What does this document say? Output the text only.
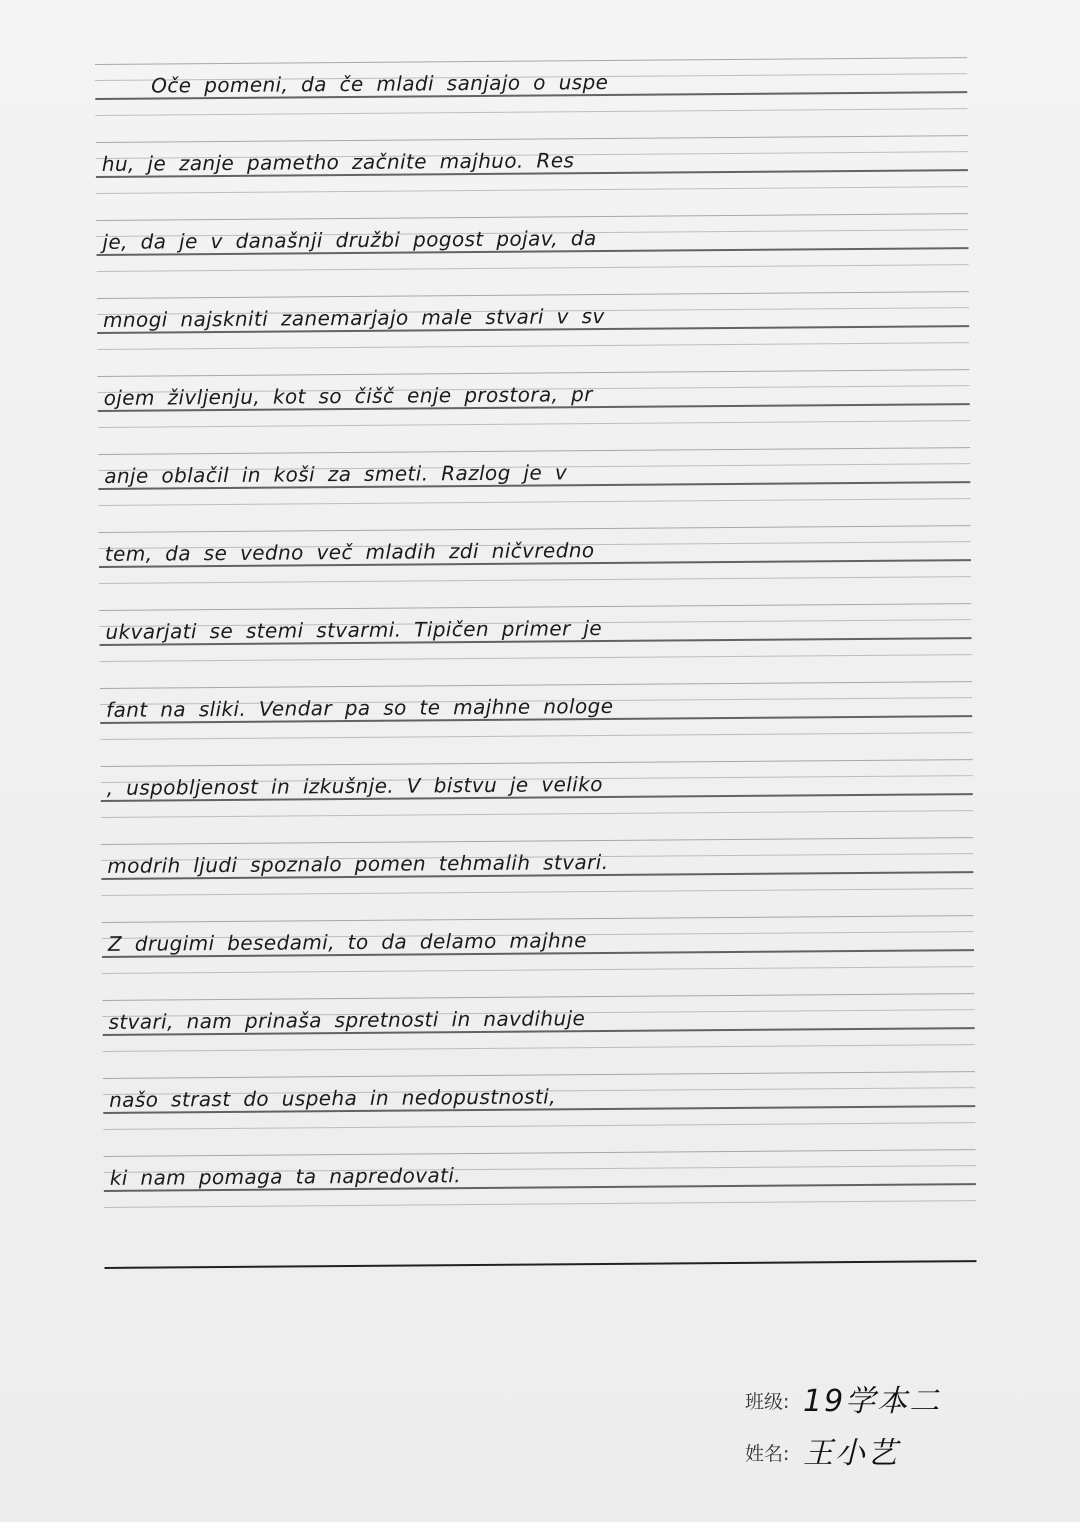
Oče pomeni, da če mladi sanjajo o uspe
hu, je zanje pametho začnite majhuo. Res
je, da je v današnji družbi pogost pojav, da
mnogi najskniti zanemarjajo male stvari v sv
ojem življenju, kot so čišč enje prostora, pr
anje oblačil in koši za smeti. Razlog je v
tem, da se vedno več mladih zdi ničvredno
ukvarjati se stemi stvarmi. Tipičen primer je
fant na sliki. Vendar pa so te majhne nologe
, uspobljenost in izkušnje. V bistvu je veliko
modrih ljudi spoznalo pomen tehmalih stvari.
Z drugimi besedami, to da delamo majhne
stvari, nam prinaša spretnosti in navdihuje
našo strast do uspeha in nedopustnosti,
ki nam pomaga ta napredovati.
班级: 19学本二
姓名: 王小艺
